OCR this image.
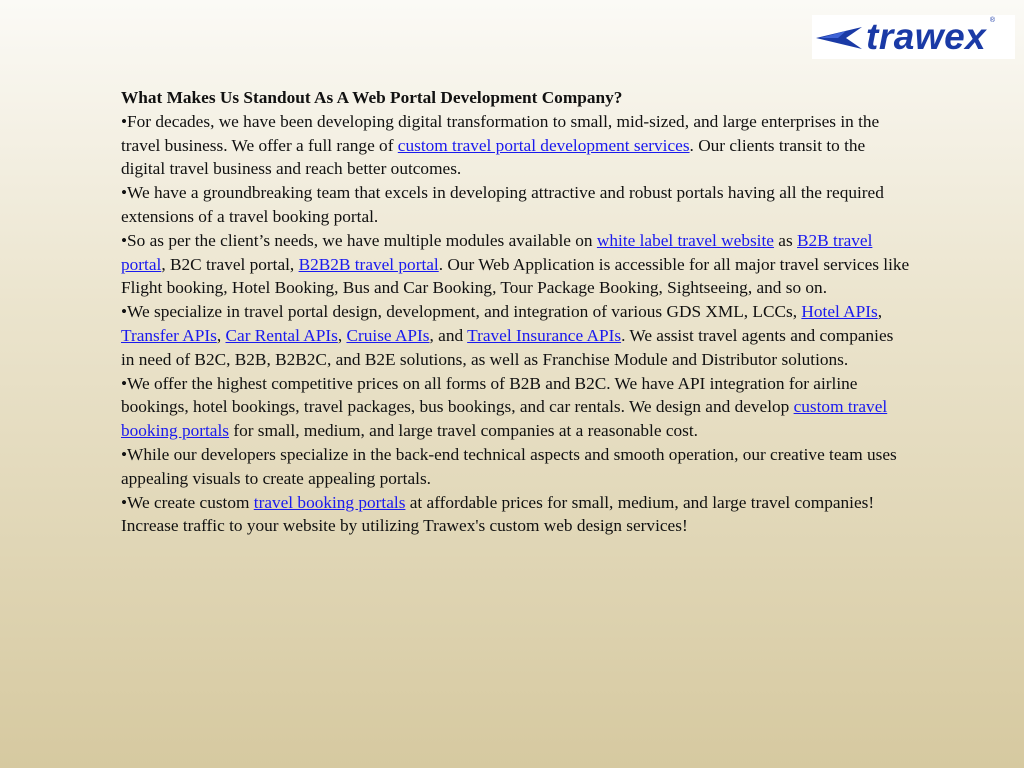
trawex ®

What Makes Us Standout As A Web Portal Development Company?

•For decades, we have been developing digital transformation to small, mid-sized, and large enterprises in the travel business. We offer a full range of custom travel portal development services. Our clients transit to the digital travel business and reach better outcomes.

•We have a groundbreaking team that excels in developing attractive and robust portals having all the required extensions of a travel booking portal.

•So as per the client’s needs, we have multiple modules available on white label travel website as B2B travel portal, B2C travel portal, B2B2B travel portal. Our Web Application is accessible for all major travel services like Flight booking, Hotel Booking, Bus and Car Booking, Tour Package Booking, Sightseeing, and so on.

•We specialize in travel portal design, development, and integration of various GDS XML, LCCs, Hotel APIs, Transfer APIs, Car Rental APIs, Cruise APIs, and Travel Insurance APIs. We assist travel agents and companies in need of B2C, B2B, B2B2C, and B2E solutions, as well as Franchise Module and Distributor solutions.

•We offer the highest competitive prices on all forms of B2B and B2C. We have API integration for airline bookings, hotel bookings, travel packages, bus bookings, and car rentals. We design and develop custom travel booking portals for small, medium, and large travel companies at a reasonable cost.

•While our developers specialize in the back-end technical aspects and smooth operation, our creative team uses appealing visuals to create appealing portals.

•We create custom travel booking portals at affordable prices for small, medium, and large travel companies! Increase traffic to your website by utilizing Trawex's custom web design services!
